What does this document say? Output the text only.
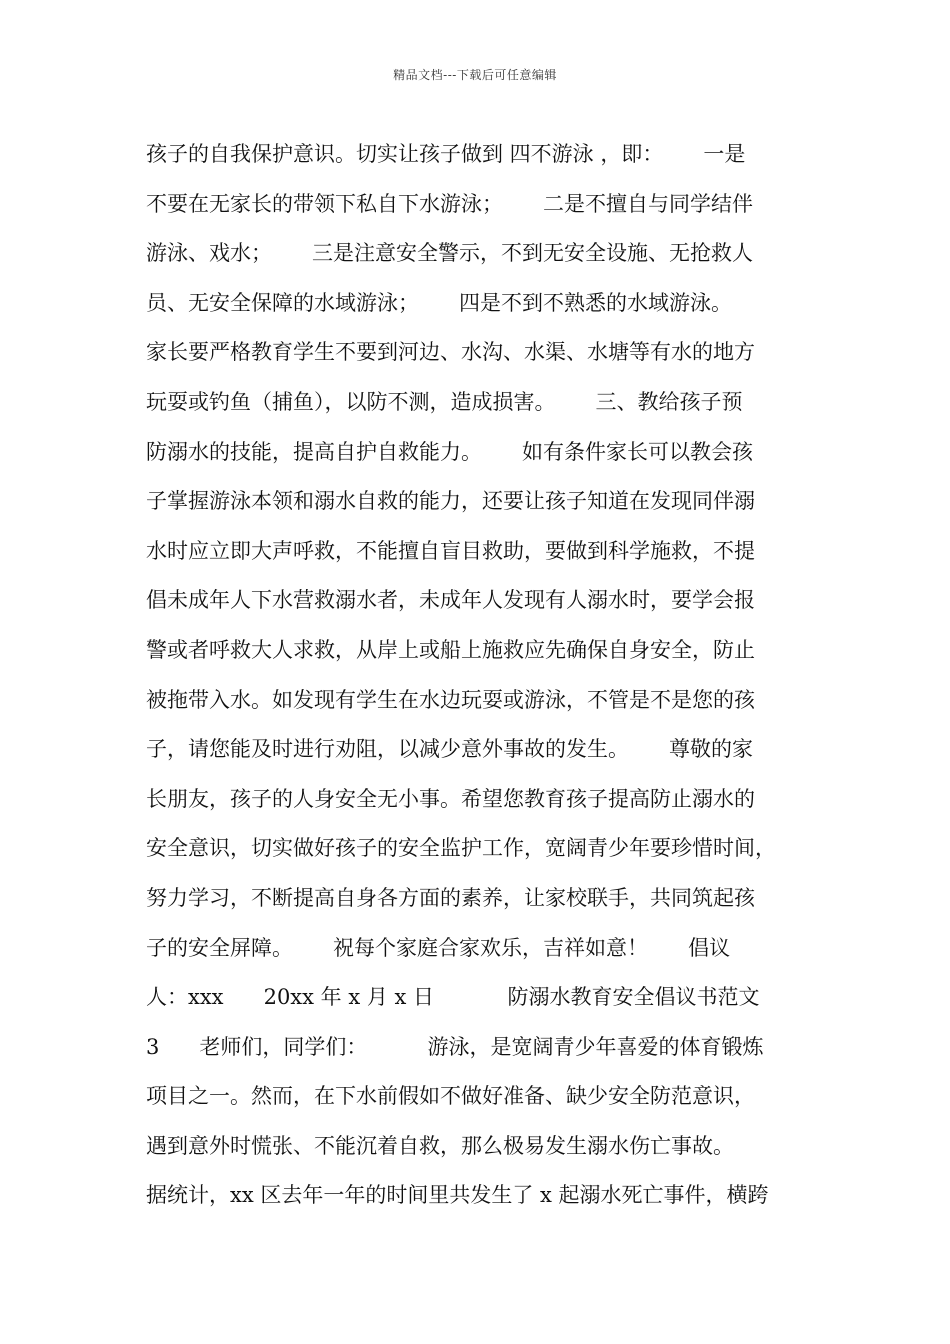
精品文档---下载后可任意编辑
孩子的自我保护意识。切实让孩子做到 四不游泳 ，即：      一是
不要在无家长的带领下私自下水游泳；      二是不擅自与同学结伴
游泳、戏水；      三是注意安全警示，不到无安全设施、无抢救人
员、无安全保障的水域游泳；      四是不到不熟悉的水域游泳。
家长要严格教育学生不要到河边、水沟、水渠、水塘等有水的地方
玩耍或钓鱼（捕鱼），以防不测，造成损害。      三、教给孩子预
防溺水的技能，提高自护自救能力。      如有条件家长可以教会孩
子掌握游泳本领和溺水自救的能力，还要让孩子知道在发现同伴溺
水时应立即大声呼救，不能擅自盲目救助，要做到科学施救，不提
倡未成年人下水营救溺水者，未成年人发现有人溺水时，要学会报
警或者呼救大人求救，从岸上或船上施救应先确保自身安全，防止
被拖带入水。如发现有学生在水边玩耍或游泳，不管是不是您的孩
子，请您能及时进行劝阻，以减少意外事故的发生。      尊敬的家
长朋友，孩子的人身安全无小事。希望您教育孩子提高防止溺水的
安全意识，切实做好孩子的安全监护工作，宽阔青少年要珍惜时间，
努力学习，不断提高自身各方面的素养，让家校联手，共同筑起孩
子的安全屏障。      祝每个家庭合家欢乐，吉祥如意！      倡议
人：xxx      20xx 年 x 月 x 日           防溺水教育安全倡议书范文
3      老师们，同学们：         游泳，是宽阔青少年喜爱的体育锻炼
项目之一。然而，在下水前假如不做好准备、缺少安全防范意识，
遇到意外时慌张、不能沉着自救，那么极易发生溺水伤亡事故。
据统计，xx 区去年一年的时间里共发生了 x 起溺水死亡事件，横跨
